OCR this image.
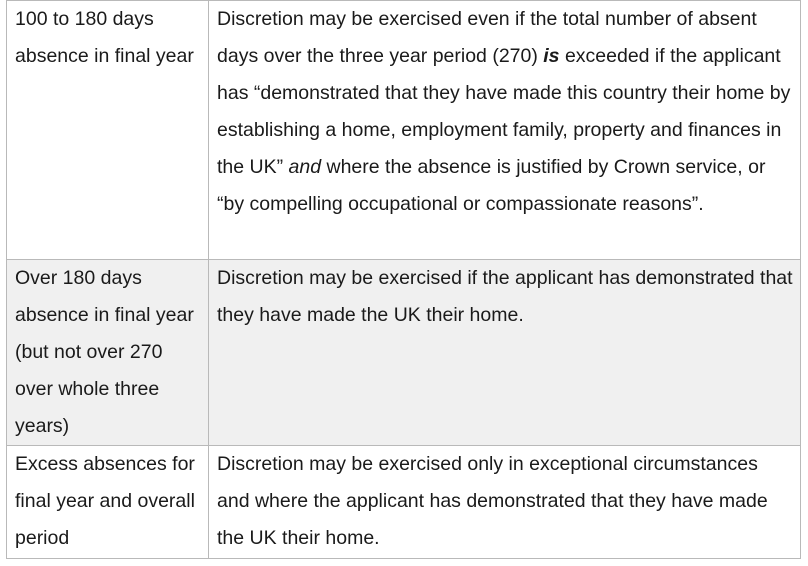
100 to 180 days absence in final year	Discretion may be exercised even if the total number of absent days over the three year period (270) is exceeded if the applicant has “demonstrated that they have made this country their home by establishing a home, employment family, property and finances in the UK” and where the absence is justified by Crown service, or “by compelling occupational or compassionate reasons”.
Over 180 days absence in final year (but not over 270 over whole three years)	Discretion may be exercised if the applicant has demonstrated that they have made the UK their home.
Excess absences for final year and overall period	Discretion may be exercised only in exceptional circumstances and where the applicant has demonstrated that they have made the UK their home.
